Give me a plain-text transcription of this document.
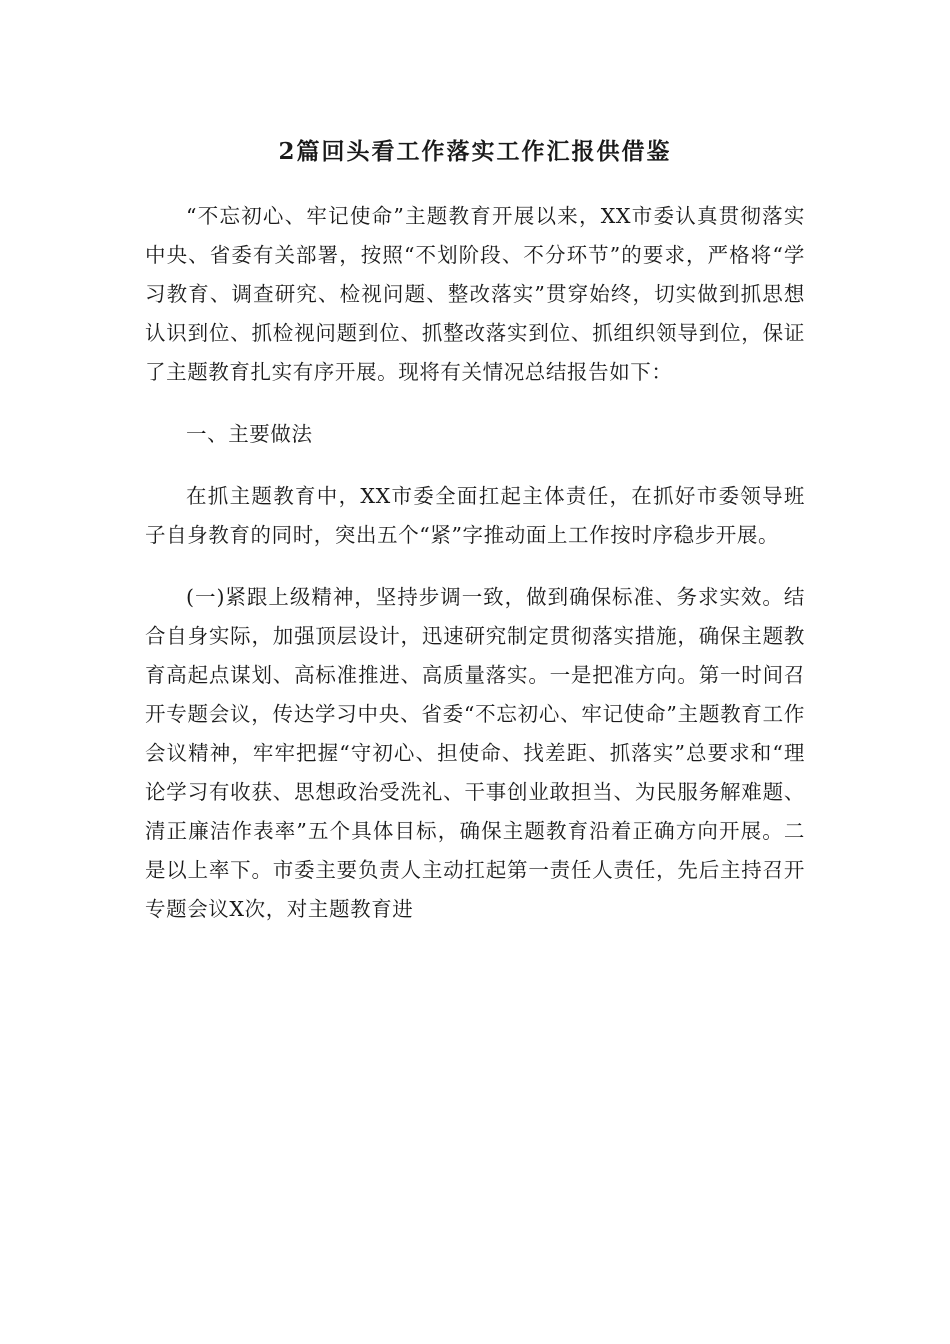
2篇回头看工作落实工作汇报供借鉴

“不忘初心、牢记使命”主题教育开展以来，XX市委认真贯彻落实中央、省委有关部署，按照“不划阶段、不分环节”的要求，严格将“学习教育、调查研究、检视问题、整改落实”贯穿始终，切实做到抓思想认识到位、抓检视问题到位、抓整改落实到位、抓组织领导到位，保证了主题教育扎实有序开展。现将有关情况总结报告如下：

一、主要做法

在抓主题教育中，XX市委全面扛起主体责任，在抓好市委领导班子自身教育的同时，突出五个“紧”字推动面上工作按时序稳步开展。

(一)紧跟上级精神，坚持步调一致，做到确保标准、务求实效。结合自身实际，加强顶层设计，迅速研究制定贯彻落实措施，确保主题教育高起点谋划、高标准推进、高质量落实。一是把准方向。第一时间召开专题会议，传达学习中央、省委“不忘初心、牢记使命”主题教育工作会议精神，牢牢把握“守初心、担使命、找差距、抓落实”总要求和“理论学习有收获、思想政治受洗礼、干事创业敢担当、为民服务解难题、清正廉洁作表率”五个具体目标，确保主题教育沿着正确方向开展。二是以上率下。市委主要负责人主动扛起第一责任人责任，先后主持召开专题会议X次，对主题教育进
